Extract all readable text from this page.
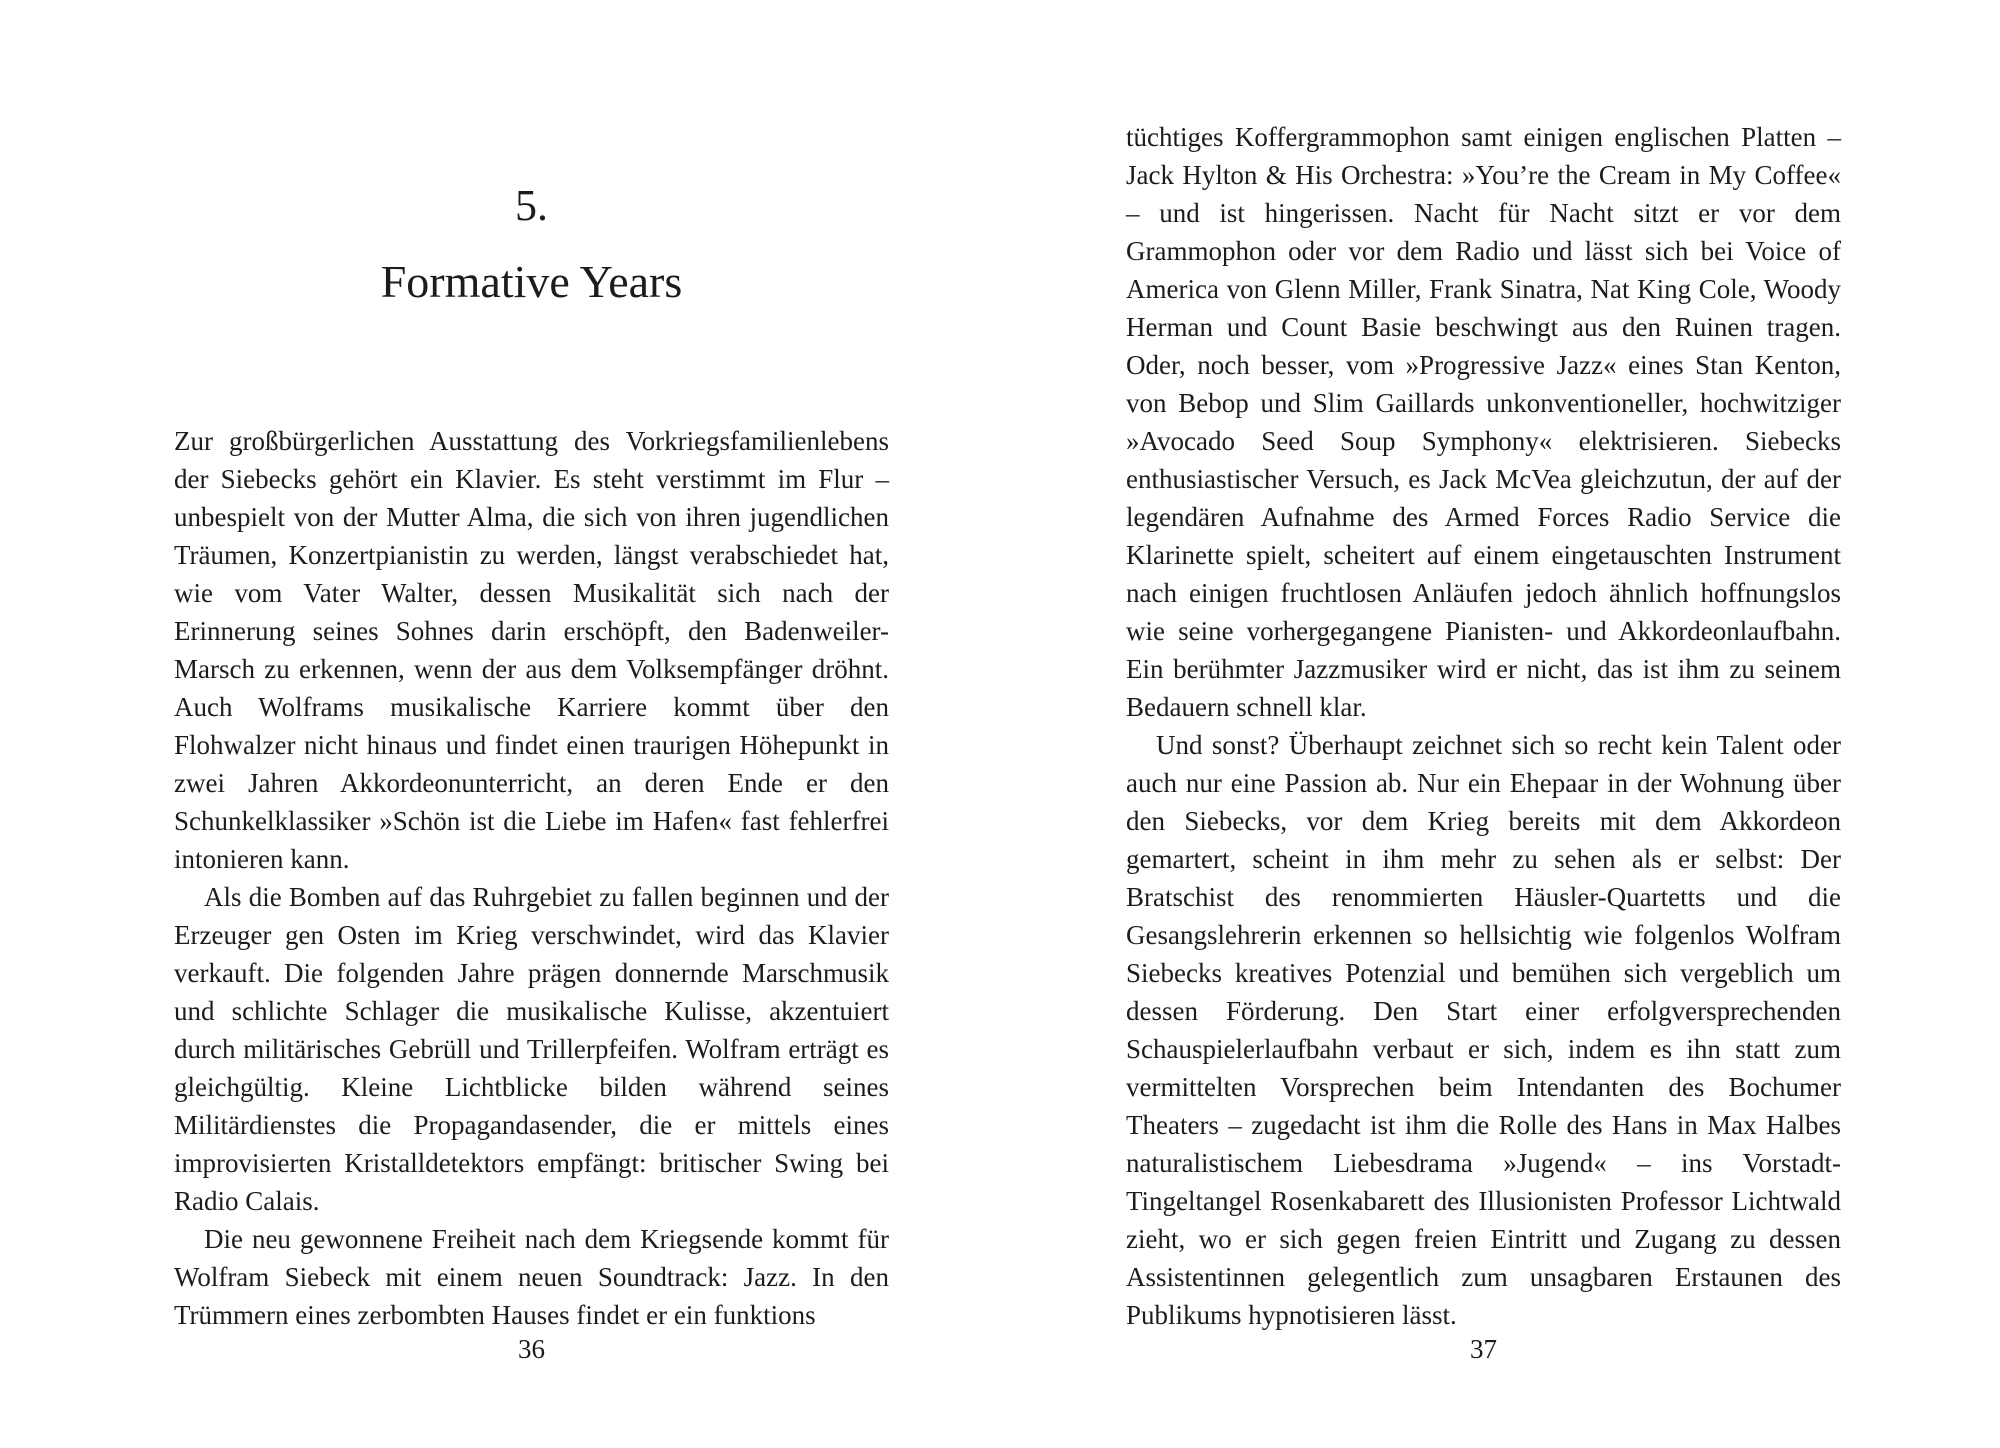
5.
Formative Years

Zur großbürgerlichen Ausstattung des Vorkriegsfamilienlebens der Siebecks gehört ein Klavier. Es steht verstimmt im Flur – unbespielt von der Mutter Alma, die sich von ihren jugendlichen Träumen, Konzertpianistin zu werden, längst verabschiedet hat, wie vom Vater Walter, dessen Musikalität sich nach der Erinnerung seines Sohnes darin erschöpft, den Badenweiler-Marsch zu erkennen, wenn der aus dem Volksempfänger dröhnt. Auch Wolframs musikalische Karriere kommt über den Flohwalzer nicht hinaus und findet einen traurigen Höhepunkt in zwei Jahren Akkordeonunterricht, an deren Ende er den Schunkelklassiker »Schön ist die Liebe im Hafen« fast fehlerfrei intonieren kann.

Als die Bomben auf das Ruhrgebiet zu fallen beginnen und der Erzeuger gen Osten im Krieg verschwindet, wird das Klavier verkauft. Die folgenden Jahre prägen donnernde Marschmusik und schlichte Schlager die musikalische Kulisse, akzentuiert durch militärisches Gebrüll und Trillerpfeifen. Wolfram erträgt es gleichgültig. Kleine Lichtblicke bilden während seines Militärdienstes die Propagandasender, die er mittels eines improvisierten Kristalldetektors empfängt: britischer Swing bei Radio Calais.

Die neu gewonnene Freiheit nach dem Kriegsende kommt für Wolfram Siebeck mit einem neuen Soundtrack: Jazz. In den Trümmern eines zerbombten Hauses findet er ein funktions

36

tüchtiges Koffergrammophon samt einigen englischen Platten – Jack Hylton & His Orchestra: »You’re the Cream in My Coffee« – und ist hingerissen. Nacht für Nacht sitzt er vor dem Grammophon oder vor dem Radio und lässt sich bei Voice of America von Glenn Miller, Frank Sinatra, Nat King Cole, Woody Herman und Count Basie beschwingt aus den Ruinen tragen. Oder, noch besser, vom »Progressive Jazz« eines Stan Kenton, von Bebop und Slim Gaillards unkonventioneller, hochwitziger »Avocado Seed Soup Symphony« elektrisieren. Siebecks enthusiastischer Versuch, es Jack McVea gleichzutun, der auf der legendären Aufnahme des Armed Forces Radio Service die Klarinette spielt, scheitert auf einem eingetauschten Instrument nach einigen fruchtlosen Anläufen jedoch ähnlich hoffnungslos wie seine vorhergegangene Pianisten- und Akkordeonlaufbahn. Ein berühmter Jazzmusiker wird er nicht, das ist ihm zu seinem Bedauern schnell klar.

Und sonst? Überhaupt zeichnet sich so recht kein Talent oder auch nur eine Passion ab. Nur ein Ehepaar in der Wohnung über den Siebecks, vor dem Krieg bereits mit dem Akkordeon gemartert, scheint in ihm mehr zu sehen als er selbst: Der Bratschist des renommierten Häusler-Quartetts und die Gesangslehrerin erkennen so hellsichtig wie folgenlos Wolfram Siebecks kreatives Potenzial und bemühen sich vergeblich um dessen Förderung. Den Start einer erfolgversprechenden Schauspielerlaufbahn verbaut er sich, indem es ihn statt zum vermittelten Vorsprechen beim Intendanten des Bochumer Theaters – zugedacht ist ihm die Rolle des Hans in Max Halbes naturalistischem Liebesdrama »Jugend« – ins Vorstadt-Tingeltangel Rosenkabarett des Illusionisten Professor Lichtwald zieht, wo er sich gegen freien Eintritt und Zugang zu dessen Assistentinnen gelegentlich zum unsagbaren Erstaunen des Publikums hypnotisieren lässt.

37
